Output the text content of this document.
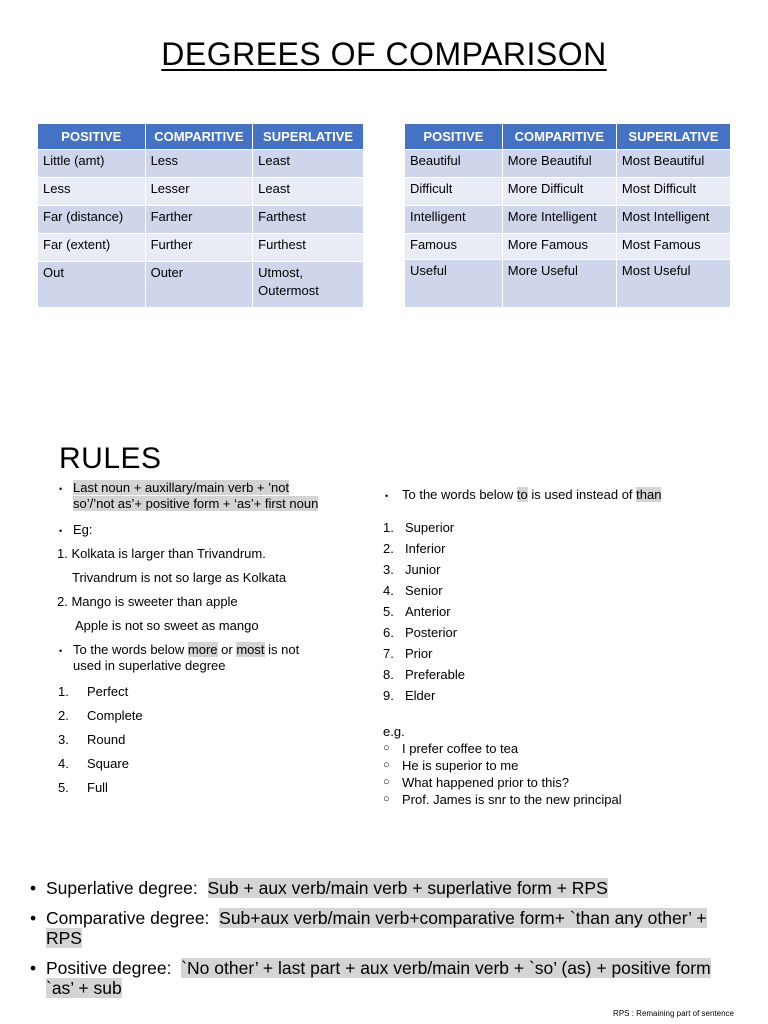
DEGREES OF COMPARISON
POSITIVE	COMPARITIVE	SUPERLATIVE
Little (amt)	Less	Least
Less	Lesser	Least
Far (distance)	Farther	Farthest
Far (extent)	Further	Furthest
Out	Outer	Utmost,
Outermost
POSITIVE	COMPARITIVE	SUPERLATIVE
Beautiful	More Beautiful	Most Beautiful
Difficult	More Difficult	Most Difficult
Intelligent	More Intelligent	Most Intelligent
Famous	More Famous	Most Famous
Useful	More Useful	Most Useful
RULES
• Last noun + auxillary/main verb + ’not
so’/’not as’+ positive form + ‘as’+ first noun
• Eg:
1. Kolkata is larger than Trivandrum.
Trivandrum is not so large as Kolkata
2. Mango is sweeter than apple
Apple is not so sweet as mango
• To the words below more or most is not
used in superlative degree
1. Perfect
2. Complete
3. Round
4. Square
5. Full
• To the words below to is used instead of than
1. Superior
2. Inferior
3. Junior
4. Senior
5. Anterior
6. Posterior
7. Prior
8. Preferable
9. Elder
e.g.
○ I prefer coffee to tea
○ He is superior to me
○ What happened prior to this?
○ Prof. James is snr to the new principal
• Superlative degree:  Sub + aux verb/main verb + superlative form + RPS
• Comparative degree:  Sub+aux verb/main verb+comparative form+ `than any other’ + RPS
• Positive degree:  `No other’ + last part + aux verb/main verb + `so’ (as) + positive form `as’ + sub
RPS : Remaining part of sentence
